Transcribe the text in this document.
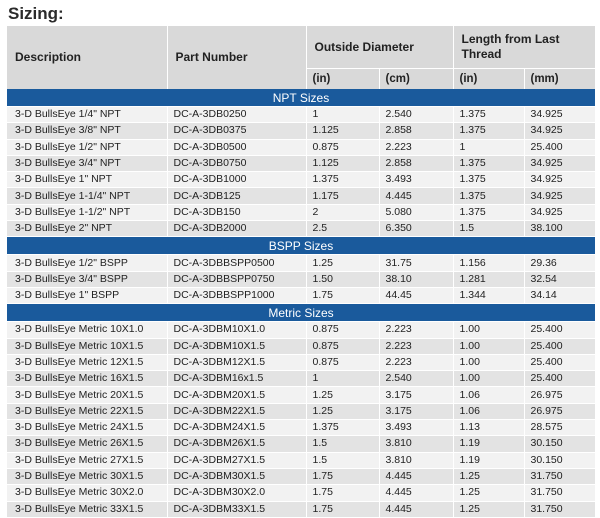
Sizing:
Description	Part Number	Outside Diameter		Length from Last Thread	
		(in)	(cm)	(in)	(mm)
NPT Sizes					
3-D BullsEye 1/4" NPT	DC-A-3DB0250	1	2.540	1.375	34.925
3-D BullsEye 3/8" NPT	DC-A-3DB0375	1.125	2.858	1.375	34.925
3-D BullsEye 1/2" NPT	DC-A-3DB0500	0.875	2.223	1	25.400
3-D BullsEye 3/4" NPT	DC-A-3DB0750	1.125	2.858	1.375	34.925
3-D BullsEye 1" NPT	DC-A-3DB1000	1.375	3.493	1.375	34.925
3-D BullsEye 1-1/4" NPT	DC-A-3DB125	1.175	4.445	1.375	34.925
3-D BullsEye 1-1/2" NPT	DC-A-3DB150	2	5.080	1.375	34.925
3-D BullsEye 2" NPT	DC-A-3DB2000	2.5	6.350	1.5	38.100
BSPP Sizes					
3-D BullsEye 1/2" BSPP	DC-A-3DBBSPP0500	1.25	31.75	1.156	29.36
3-D BullsEye 3/4" BSPP	DC-A-3DBBSPP0750	1.50	38.10	1.281	32.54
3-D BullsEye 1" BSPP	DC-A-3DBBSPP1000	1.75	44.45	1.344	34.14
Metric Sizes					
3-D BullsEye Metric 10X1.0	DC-A-3DBM10X1.0	0.875	2.223	1.00	25.400
3-D BullsEye Metric 10X1.5	DC-A-3DBM10X1.5	0.875	2.223	1.00	25.400
3-D BullsEye Metric 12X1.5	DC-A-3DBM12X1.5	0.875	2.223	1.00	25.400
3-D BullsEye Metric 16X1.5	DC-A-3DBM16x1.5	1	2.540	1.00	25.400
3-D BullsEye Metric 20X1.5	DC-A-3DBM20X1.5	1.25	3.175	1.06	26.975
3-D BullsEye Metric 22X1.5	DC-A-3DBM22X1.5	1.25	3.175	1.06	26.975
3-D BullsEye Metric 24X1.5	DC-A-3DBM24X1.5	1.375	3.493	1.13	28.575
3-D BullsEye Metric 26X1.5	DC-A-3DBM26X1.5	1.5	3.810	1.19	30.150
3-D BullsEye Metric 27X1.5	DC-A-3DBM27X1.5	1.5	3.810	1.19	30.150
3-D BullsEye Metric 30X1.5	DC-A-3DBM30X1.5	1.75	4.445	1.25	31.750
3-D BullsEye Metric 30X2.0	DC-A-3DBM30X2.0	1.75	4.445	1.25	31.750
3-D BullsEye Metric 33X1.5	DC-A-3DBM33X1.5	1.75	4.445	1.25	31.750
